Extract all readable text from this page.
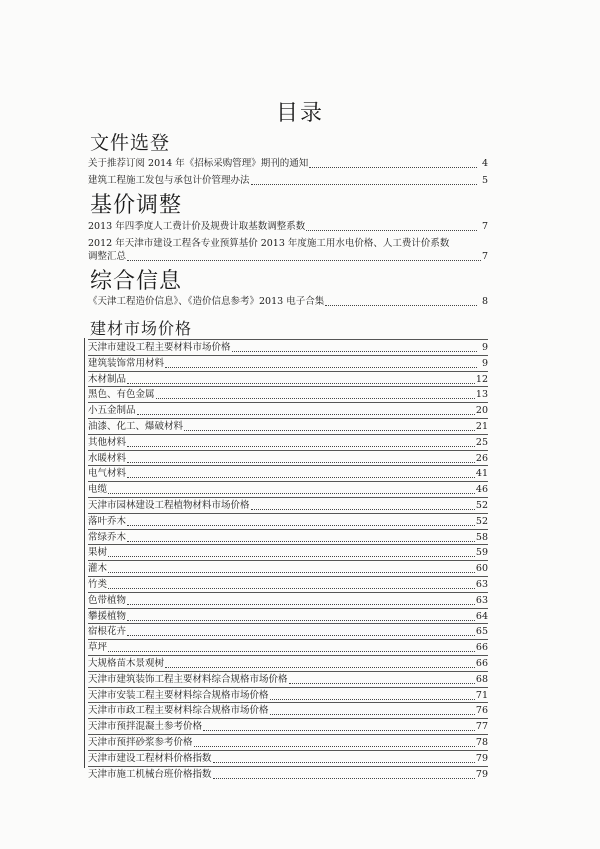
目录
文件选登
关于推荐订阅 2014 年《招标采购管理》期刊的通知	4
建筑工程施工发包与承包计价管理办法	5
基价调整
2013 年四季度人工费计价及规费计取基数调整系数	7
2012 年天津市建设工程各专业预算基价 2013 年度施工用水电价格、人工费计价系数
调整汇总	7
综合信息
《天津工程造价信息》、《造价信息参考》2013 电子合集	8
建材市场价格
天津市建设工程主要材料市场价格	9
建筑装饰常用材料	9
木材制品	12
黑色、有色金属	13
小五金制品	20
油漆、化工、爆破材料	21
其他材料	25
水暖材料	26
电气材料	41
电缆	46
天津市园林建设工程植物材料市场价格	52
落叶乔木	52
常绿乔木	58
果树	59
灌木	60
竹类	63
色带植物	63
攀援植物	64
宿根花卉	65
草坪	66
大规格苗木景观树	66
天津市建筑装饰工程主要材料综合规格市场价格	68
天津市安装工程主要材料综合规格市场价格	71
天津市市政工程主要材料综合规格市场价格	76
天津市预拌混凝土参考价格	77
天津市预拌砂浆参考价格	78
天津市建设工程材料价格指数	79
天津市施工机械台班价格指数	79
